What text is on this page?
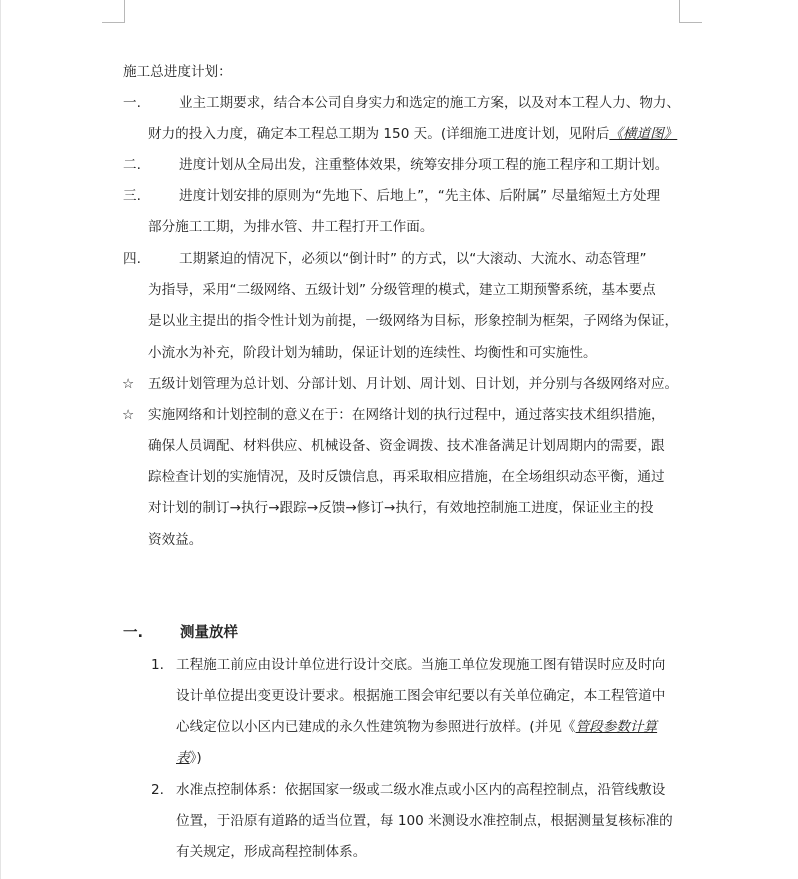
施工总进度计划：
一.	业主工期要求，结合本公司自身实力和选定的施工方案，以及对本工程人力、物力、
财力的投入力度，确定本工程总工期为 150 天。(详细施工进度计划，见附后《横道图》
二.	进度计划从全局出发，注重整体效果，统筹安排分项工程的施工程序和工期计划。
三.	进度计划安排的原则为“先地下、后地上”，“先主体、后附属” 尽量缩短土方处理
部分施工工期，为排水管、井工程打开工作面。
四.	工期紧迫的情况下，必须以“倒计时” 的方式，以“大滚动、大流水、动态管理”
为指导，采用“二级网络、五级计划” 分级管理的模式，建立工期预警系统，基本要点
是以业主提出的指令性计划为前提，一级网络为目标，形象控制为框架，子网络为保证，
小流水为补充，阶段计划为辅助，保证计划的连续性、均衡性和可实施性。
☆ 五级计划管理为总计划、分部计划、月计划、周计划、日计划，并分别与各级网络对应。
☆ 实施网络和计划控制的意义在于：在网络计划的执行过程中，通过落实技术组织措施，
确保人员调配、材料供应、机械设备、资金调拨、技术准备满足计划周期内的需要，跟
踪检查计划的实施情况，及时反馈信息，再采取相应措施，在全场组织动态平衡，通过
对计划的制订→执行→跟踪→反馈→修订→执行，有效地控制施工进度，保证业主的投
资效益。
一.	测量放样
1. 工程施工前应由设计单位进行设计交底。当施工单位发现施工图有错误时应及时向
设计单位提出变更设计要求。根据施工图会审纪要以有关单位确定，本工程管道中
心线定位以小区内已建成的永久性建筑物为参照进行放样。(并见《管段参数计算
表》)
2. 水准点控制体系：依据国家一级或二级水准点或小区内的高程控制点，沿管线敷设
位置，于沿原有道路的适当位置，每 100 米测设水准控制点，根据测量复核标准的
有关规定，形成高程控制体系。
